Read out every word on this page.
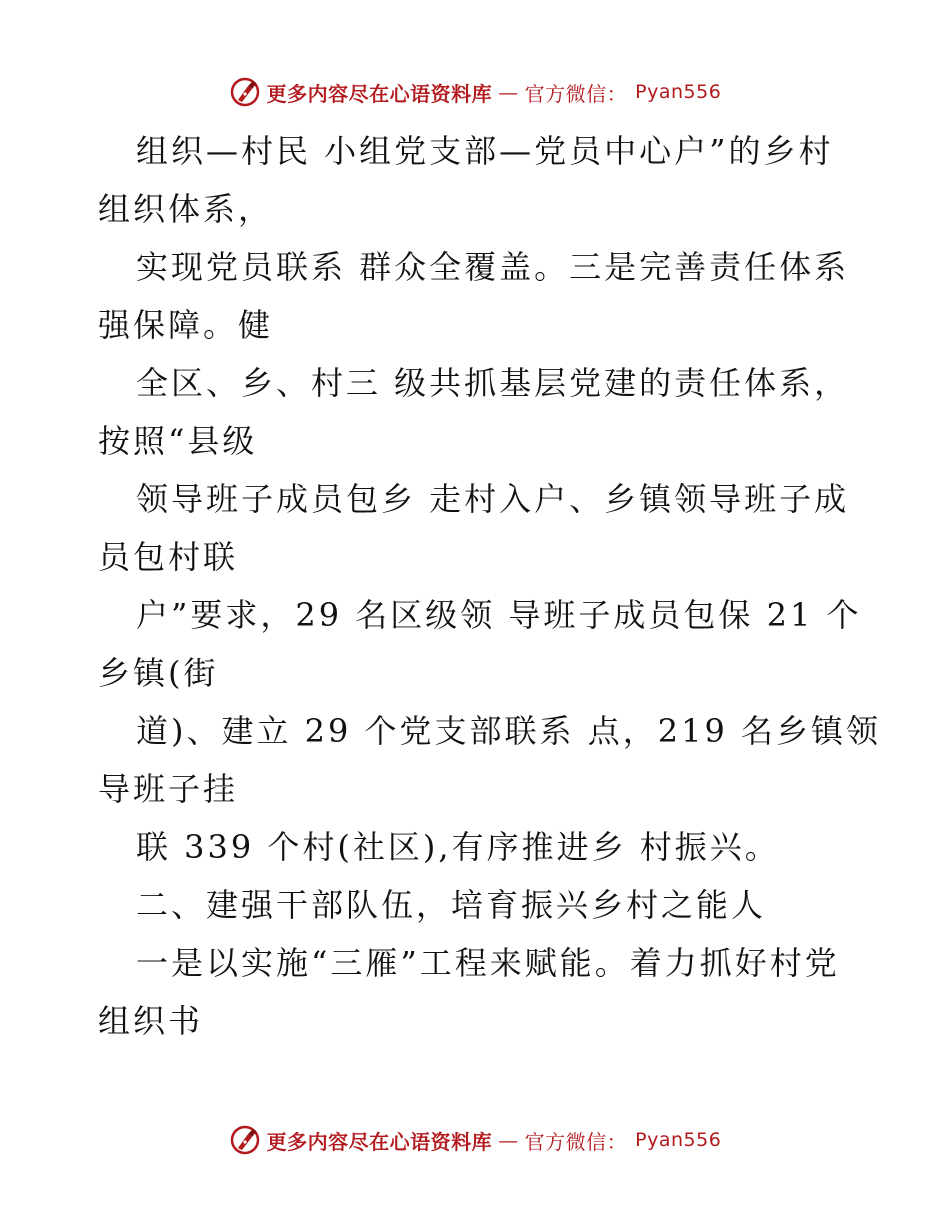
更多内容尽在心语资料库 — 官方微信： Pyan556
组织—村民 小组党支部—党员中心户”的乡村
组织体系，
实现党员联系 群众全覆盖。三是完善责任体系
强保障。健
全区、乡、村三 级共抓基层党建的责任体系，
按照“县级
领导班子成员包乡 走村入户、乡镇领导班子成
员包村联
户”要求，29 名区级领 导班子成员包保 21 个
乡镇(街
道)、建立 29 个党支部联系 点，219 名乡镇领
导班子挂
联 339 个村(社区),有序推进乡 村振兴。
二、建强干部队伍，培育振兴乡村之能人
一是以实施“三雁”工程来赋能。着力抓好村党
组织书
更多内容尽在心语资料库 — 官方微信： Pyan556
